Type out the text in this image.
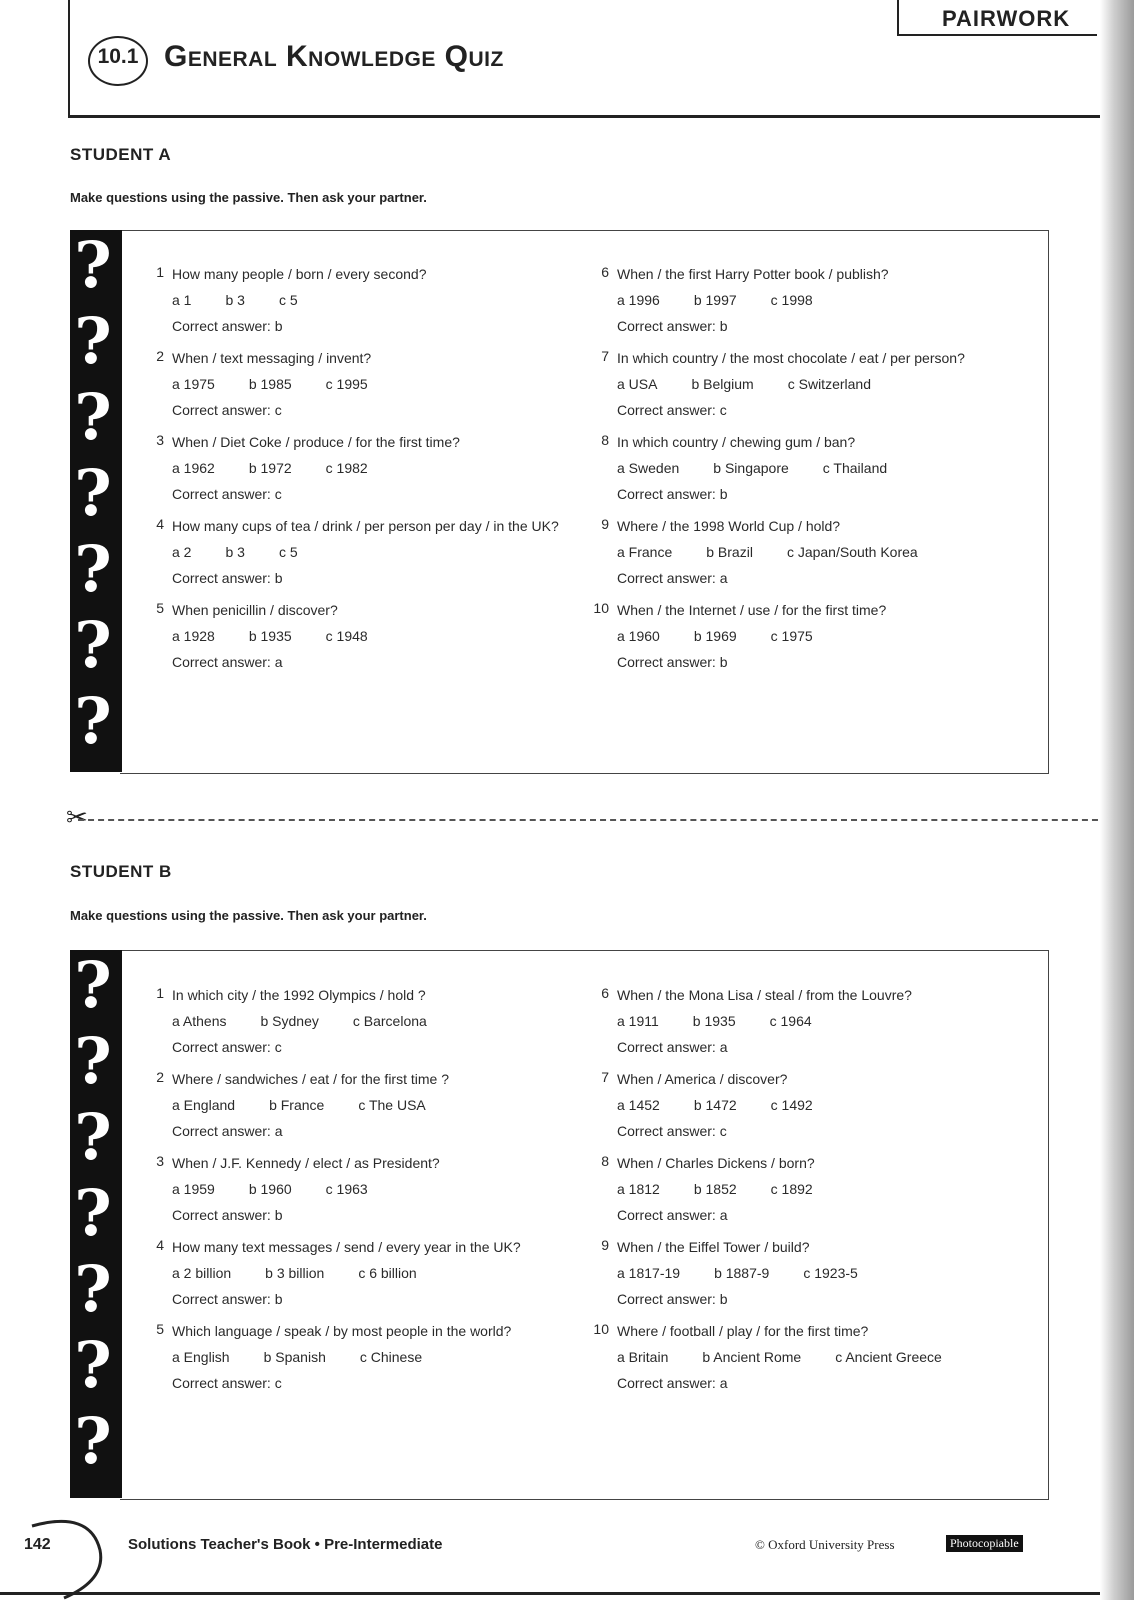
PAIRWORK
10.1 General Knowledge Quiz
STUDENT A
Make questions using the passive. Then ask your partner.
?
?
?
?
?
?
?
1 How many people / born / every second?
a 1 b 3 c 5
Correct answer: b
2 When / text messaging / invent?
a 1975 b 1985 c 1995
Correct answer: c
3 When / Diet Coke / produce / for the first time?
a 1962 b 1972 c 1982
Correct answer: c
4 How many cups of tea / drink / per person per day / in the UK?
a 2 b 3 c 5
Correct answer: b
5 When penicillin / discover?
a 1928 b 1935 c 1948
Correct answer: a
6 When / the first Harry Potter book / publish?
a 1996 b 1997 c 1998
Correct answer: b
7 In which country / the most chocolate / eat / per person?
a USA b Belgium c Switzerland
Correct answer: c
8 In which country / chewing gum / ban?
a Sweden b Singapore c Thailand
Correct answer: b
9 Where / the 1998 World Cup / hold?
a France b Brazil c Japan/South Korea
Correct answer: a
10 When / the Internet / use / for the first time?
a 1960 b 1969 c 1975
Correct answer: b
✂
STUDENT B
Make questions using the passive. Then ask your partner.
?
?
?
?
?
?
?
1 In which city / the 1992 Olympics / hold ?
a Athens b Sydney c Barcelona
Correct answer: c
2 Where / sandwiches / eat / for the first time ?
a England b France c The USA
Correct answer: a
3 When / J.F. Kennedy / elect / as President?
a 1959 b 1960 c 1963
Correct answer: b
4 How many text messages / send / every year in the UK?
a 2 billion b 3 billion c 6 billion
Correct answer: b
5 Which language / speak / by most people in the world?
a English b Spanish c Chinese
Correct answer: c
6 When / the Mona Lisa / steal / from the Louvre?
a 1911 b 1935 c 1964
Correct answer: a
7 When / America / discover?
a 1452 b 1472 c 1492
Correct answer: c
8 When / Charles Dickens / born?
a 1812 b 1852 c 1892
Correct answer: a
9 When / the Eiffel Tower / build?
a 1817-19 b 1887-9 c 1923-5
Correct answer: b
10 Where / football / play / for the first time?
a Britain b Ancient Rome c Ancient Greece
Correct answer: a
142	Solutions Teacher's Book • Pre-Intermediate	© Oxford University Press	Photocopiable
